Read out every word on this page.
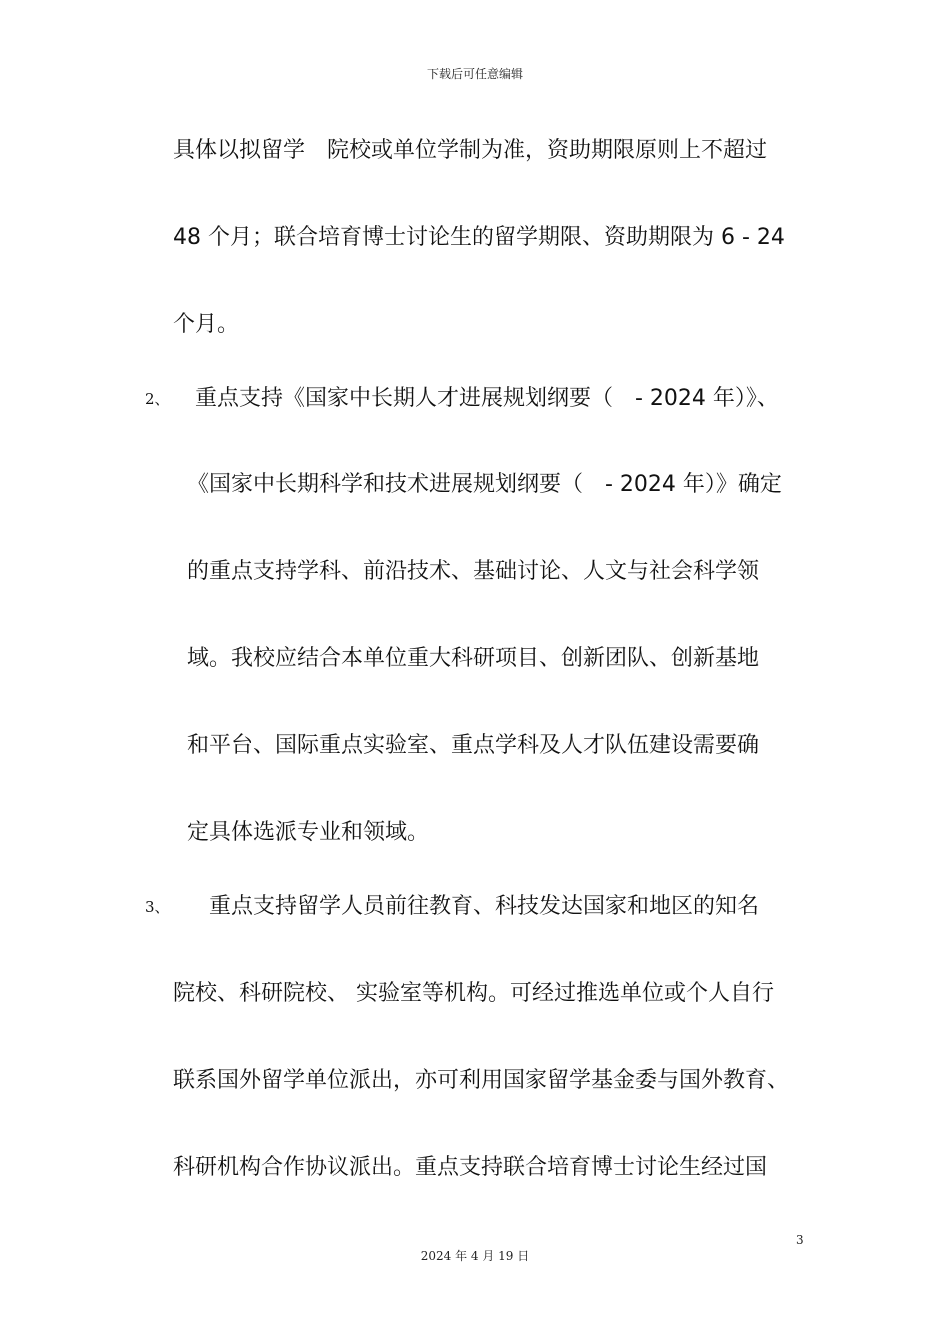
下载后可任意编辑
具体以拟留学　院校或单位学制为准，资助期限原则上不超过
48 个月；联合培育博士讨论生的留学期限、资助期限为 6 - 24
个月。
2、 重点支持《国家中长期人才进展规划纲要（　- 2024 年）》、
《国家中长期科学和技术进展规划纲要（　- 2024 年）》确定
的重点支持学科、前沿技术、基础讨论、人文与社会科学领
域。我校应结合本单位重大科研项目、创新团队、创新基地
和平台、国际重点实验室、重点学科及人才队伍建设需要确
定具体选派专业和领域。
3、 重点支持留学人员前往教育、科技发达国家和地区的知名
院校、科研院校、 实验室等机构。可经过推选单位或个人自行
联系国外留学单位派出，亦可利用国家留学基金委与国外教育、
科研机构合作协议派出。重点支持联合培育博士讨论生经过国
3
2024 年 4 月 19 日
